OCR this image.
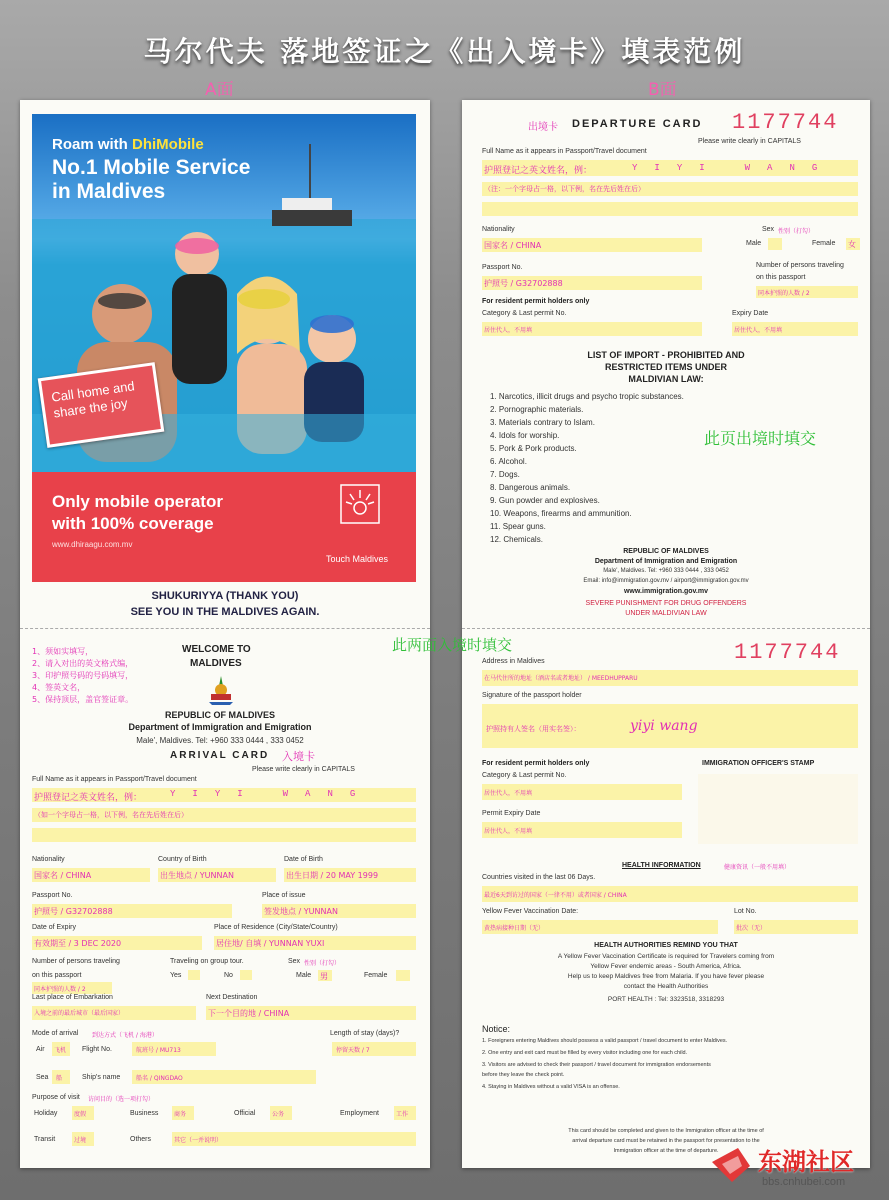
马尔代夫 落地签证之《出入境卡》填表范例
A面	B面
Roam with DhiMobile
No.1 Mobile Service
in Maldives
Call home and share the joy
Only mobile operator
with 100% coverage
www.dhiraagu.com.mv
Touch Maldives
SHUKURIYYA (THANK YOU)
SEE YOU IN THE MALDIVES AGAIN.
1、须如实填写，
2、请入对出的英文格式编，
3、印护照号码的号码填写，
4、签英文名，
5、保持顶层，盖官签证章。
WELCOME TO
MALDIVES
REPUBLIC OF MALDIVES
Department of Immigration and Emigration
Male', Maldives. Tel: +960 333 0444 , 333 0452
ARRIVAL CARD 入境卡
Please write clearly in CAPITALS
Full Name as it appears in Passport/Travel document
护照登记之英文姓名，例：	Y I Y I	W A N G
（如一个字母占一格，以下例，名在先后姓在后）
Nationality	Country of Birth	Date of Birth
国家名 / CHINA	出生地点 / YUNNAN	出生日期 / 20 MAY 1999
Passport No.	Place of issue
护照号 / G32702888	签发地点 / YUNNAN
Date of Expiry	Place of Residence (City/State/Country)
有效期至 / 3 DEC 2020	居住地/ 自填 / YUNNAN YUXI
Number of persons traveling	Traveling on group tour.	Sex 性别（打勾）
on this passport	Yes	No	Male 男	Female
同本护照的人数 / 2
Last place of Embarkation	Next Destination
入境之前的最后城市（最后国家）	下一个目的地 / CHINA
Mode of arrival 到达方式（飞机 / 海港）	Length of stay (days)?
Air 飞机 Flight No.	航班号 / MU713	停留天数 / 7
Sea 船	Ship's name	船名 / QINGDAO
Purpose of visit 访问目的（选一项打勾）
Holiday	度假	Business	商务	Official	公务	Employment	工作
Transit	过境	Others	其它（一并说明）
出境卡 DEPARTURE CARD 1177744
Please write clearly in CAPITALS
Full Name as it appears in Passport/Travel document
护照登记之英文姓名，例：	Y I Y I	W A N G
（注：一个字母占一格，以下例，名在先后姓在后）
Nationality	Sex 性别（打勾）
国家名 / CHINA	Male	Female 女
Passport No.	Number of persons traveling
on this passport
护照号 / G32702888
同本护照的人数 / 2
For resident permit holders only
Category & Last permit No.	Expiry Date
居住代人，不用填	居住代人，不用填
LIST OF IMPORT - PROHIBITED AND
RESTRICTED ITEMS UNDER
MALDIVIAN LAW:
1. Narcotics, illicit drugs and psycho tropic substances.
2. Pornographic materials.
3. Materials contrary to Islam.
4. Idols for worship.
5. Pork & Pork products.
6. Alcohol.
7. Dogs.
8. Dangerous animals.
9. Gun powder and explosives.
10. Weapons, firearms and ammunition.
11. Spear guns.
12. Chemicals.
此页出境时填交
REPUBLIC OF MALDIVES
Department of Immigration and Emigration
Male', Maldives. Tel: +960 333 0444 , 333 0452
Email: info@immigration.gov.mv / airport@immigration.gov.mv
www.immigration.gov.mv
SEVERE PUNISHMENT FOR DRUG OFFENDERS
UNDER MALDIVIAN LAW
1177744
Address in Maldives
在马代住所的地址（酒店名或者地址） / MEEDHUPPARU
Signature of the passport holder
护照持有人签名（用实名签）：	yiyi wang
For resident permit holders only	IMMIGRATION OFFICER'S STAMP
Category & Last permit No.
居住代人，不用填
Permit Expiry Date
居住代人，不用填
HEALTH INFORMATION	健康资讯（一般不用填）
Countries visited in the last 06 Days.
最近6天到访过的国家（一律不用）或者国家 / CHINA
Yellow Fever Vaccination Date:	Lot No.
黄热病接种日期（无）	批次（无）
HEALTH AUTHORITIES REMIND YOU THAT
A Yellow Fever Vaccination Certificate is required for Travelers coming from
Yellow Fever endemic areas - South America, Africa.
Help us to keep Maldives free from Malaria. If you have fever please
contact the Health Authorities
PORT HEALTH : Tel: 3323518, 3318293
Notice:
1. Foreigners entering Maldives should possess a valid passport / travel document to enter Maldives.
2. One entry and exit card must be filled by every visitor including one for each child.
3. Visitors are advised to check their passport / travel document for immigration endorsements
before they leave the check point.
4. Staying in Maldives without a valid VISA is an offense.
This card should be completed and given to the Immigration officer at the time of
arrival departure card must be retained in the passport for presentation to the
Immigration officer at the time of departure.
此两面入境时填交
东湖社区
bbs.cnhubei.com
